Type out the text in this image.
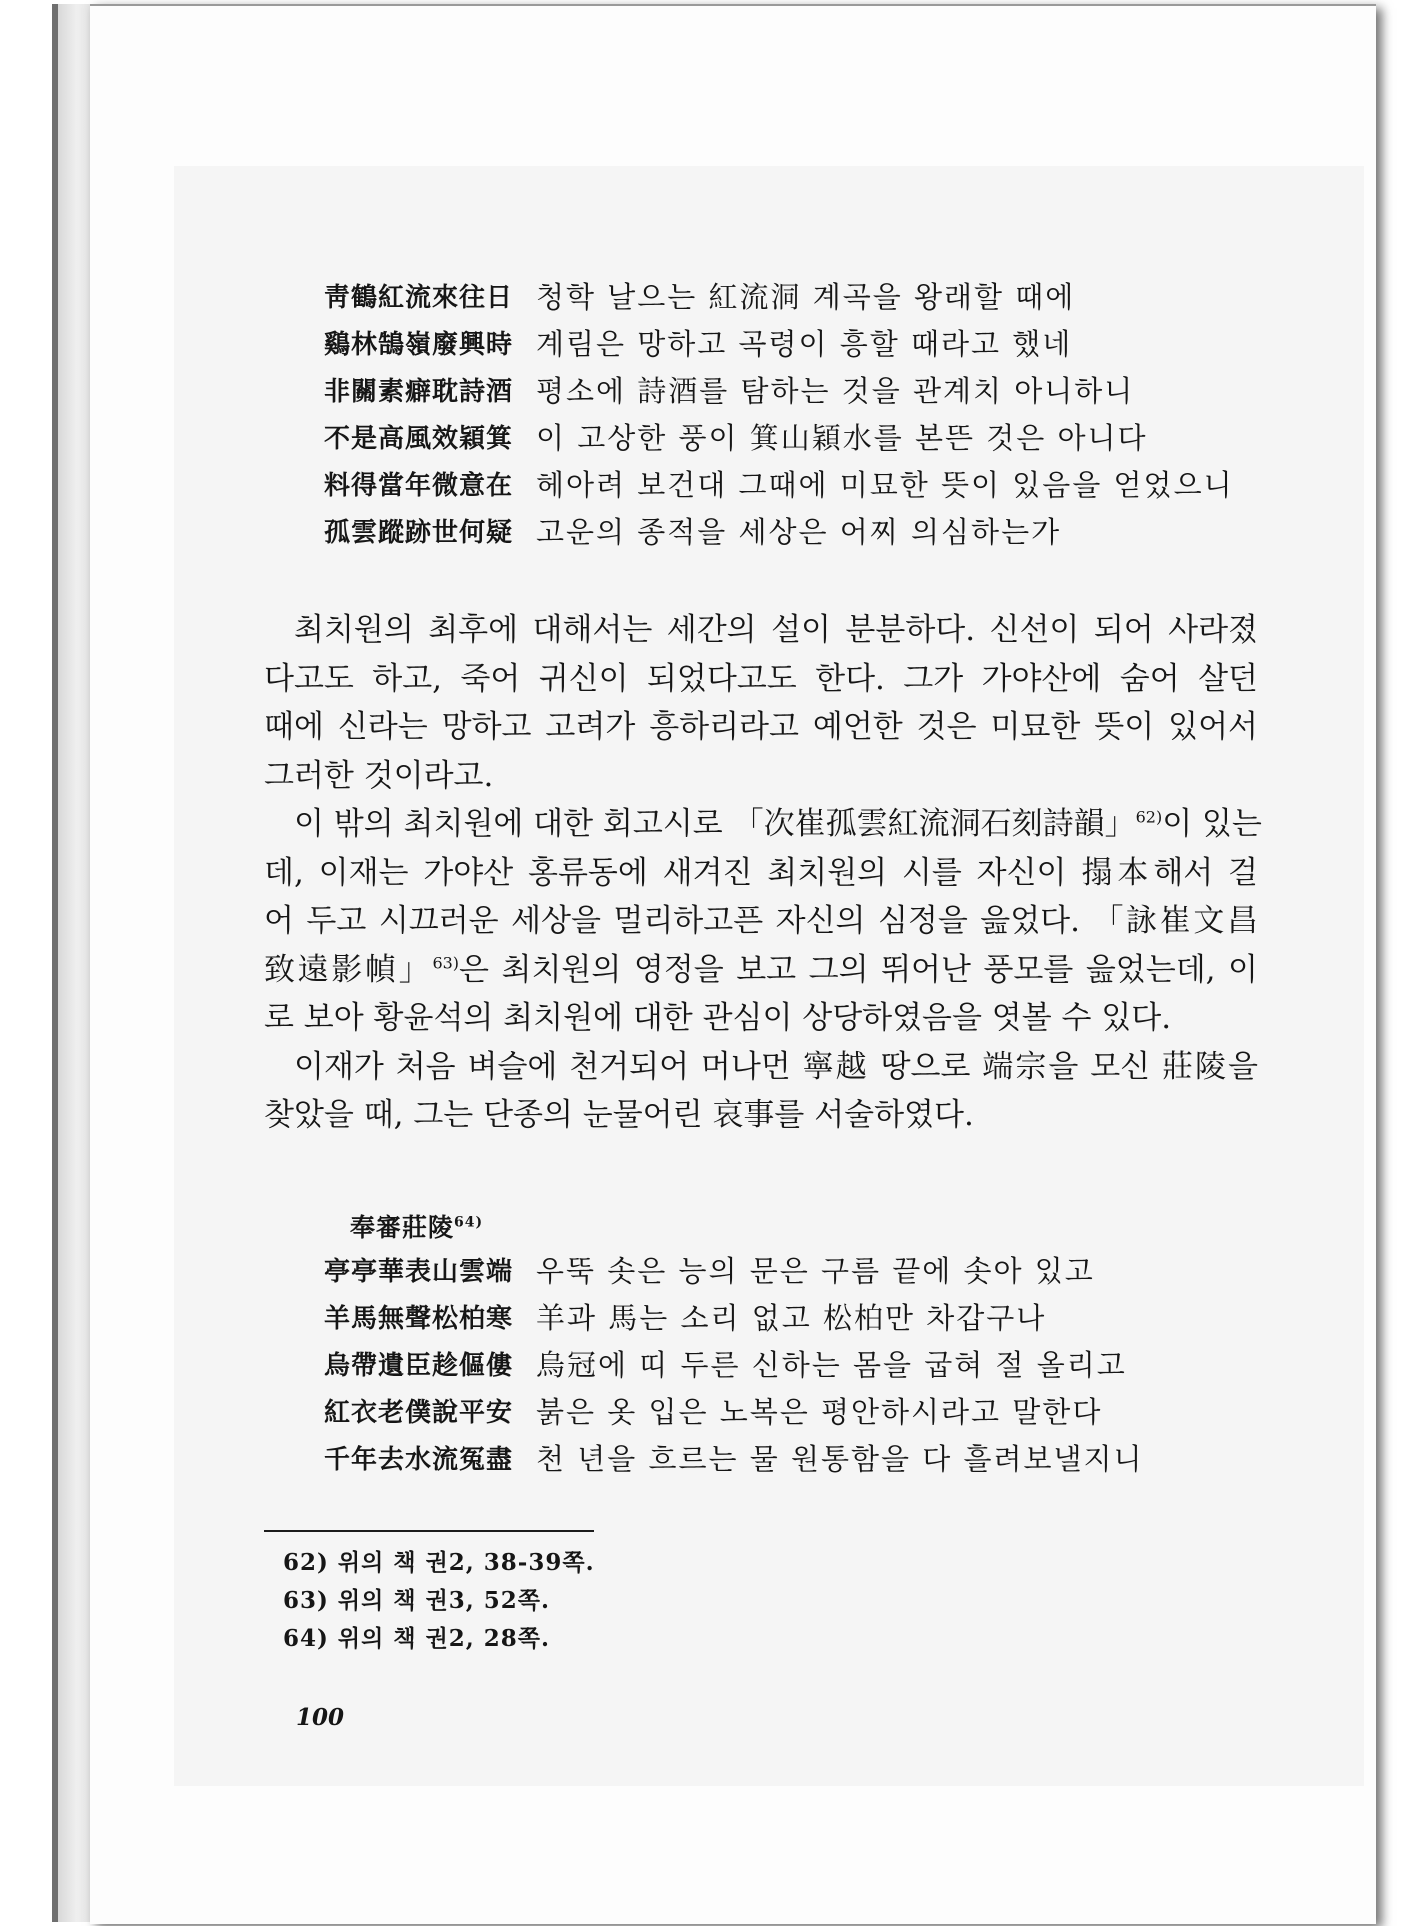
靑鶴紅流來往日 청학 날으는 紅流洞 계곡을 왕래할 때에
鷄林鵠嶺廢興時 계림은 망하고 곡령이 흥할 때라고 했네
非關素癖耽詩酒 평소에 詩酒를 탐하는 것을 관계치 아니하니
不是高風效穎箕 이 고상한 풍이 箕山穎水를 본뜬 것은 아니다
料得當年微意在 헤아려 보건대 그때에 미묘한 뜻이 있음을 얻었으니
孤雲蹤跡世何疑 고운의 종적을 세상은 어찌 의심하는가
최치원의 최후에 대해서는 세간의 설이 분분하다. 신선이 되어 사라졌
다고도 하고, 죽어 귀신이 되었다고도 한다. 그가 가야산에 숨어 살던
때에 신라는 망하고 고려가 흥하리라고 예언한 것은 미묘한 뜻이 있어서
그러한 것이라고.
이 밖의 최치원에 대한 회고시로 「次崔孤雲紅流洞石刻詩韻」$^{62)}$이 있는
데, 이재는 가야산 홍류동에 새겨진 최치원의 시를 자신이 搨本해서 걸
어 두고 시끄러운 세상을 멀리하고픈 자신의 심정을 읊었다. 「詠崔文昌
致遠影幀」$^{63)}$은 최치원의 영정을 보고 그의 뛰어난 풍모를 읊었는데, 이
로 보아 황윤석의 최치원에 대한 관심이 상당하였음을 엿볼 수 있다.
이재가 처음 벼슬에 천거되어 머나먼 寧越 땅으로 端宗을 모신 莊陵을
찾았을 때, 그는 단종의 눈물어린 哀事를 서술하였다.
奉審莊陵$^{64)}$
亭亭華表山雲端 우뚝 솟은 능의 문은 구름 끝에 솟아 있고
羊馬無聲松柏寒 羊과 馬는 소리 없고 松柏만 차갑구나
烏帶遺臣趁傴僂 烏冠에 띠 두른 신하는 몸을 굽혀 절 올리고
紅衣老僕說平安 붉은 옷 입은 노복은 평안하시라고 말한다
千年去水流冤盡 천 년을 흐르는 물 원통함을 다 흘려보낼지니
62) 위의 책 권2, 38-39쪽.
63) 위의 책 권3, 52쪽.
64) 위의 책 권2, 28쪽.
100
